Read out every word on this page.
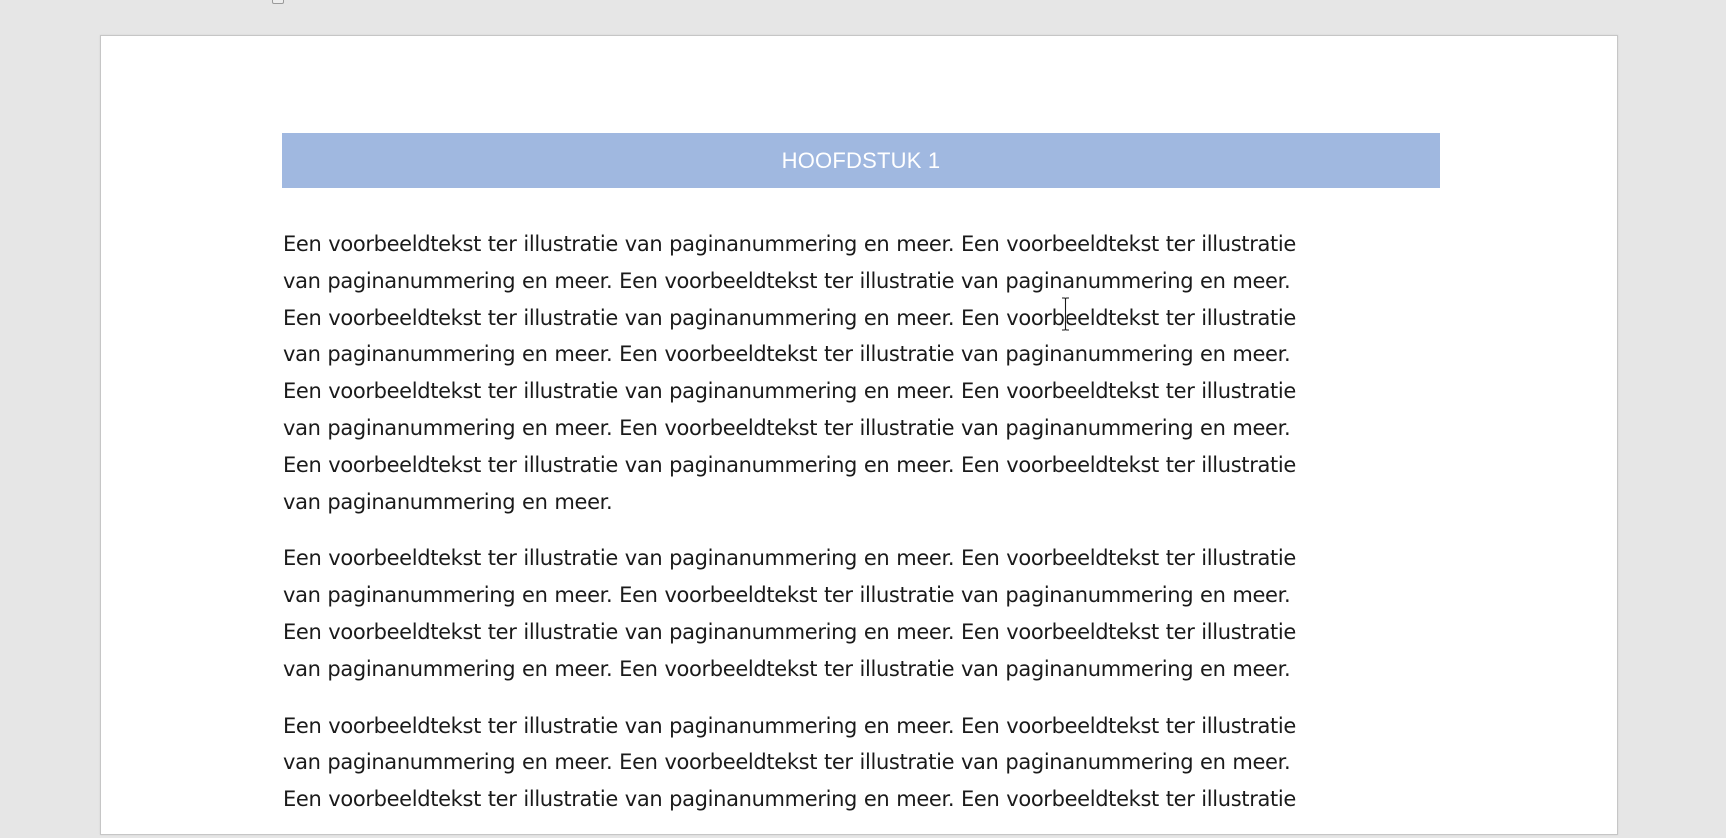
HOOFDSTUK 1
Een voorbeeldtekst ter illustratie van paginanummering en meer. Een voorbeeldtekst ter illustratie
van paginanummering en meer. Een voorbeeldtekst ter illustratie van paginanummering en meer.
Een voorbeeldtekst ter illustratie van paginanummering en meer. Een voorbeeldtekst ter illustratie
van paginanummering en meer. Een voorbeeldtekst ter illustratie van paginanummering en meer.
Een voorbeeldtekst ter illustratie van paginanummering en meer. Een voorbeeldtekst ter illustratie
van paginanummering en meer. Een voorbeeldtekst ter illustratie van paginanummering en meer.
Een voorbeeldtekst ter illustratie van paginanummering en meer. Een voorbeeldtekst ter illustratie
van paginanummering en meer.
Een voorbeeldtekst ter illustratie van paginanummering en meer. Een voorbeeldtekst ter illustratie
van paginanummering en meer. Een voorbeeldtekst ter illustratie van paginanummering en meer.
Een voorbeeldtekst ter illustratie van paginanummering en meer. Een voorbeeldtekst ter illustratie
van paginanummering en meer. Een voorbeeldtekst ter illustratie van paginanummering en meer.
Een voorbeeldtekst ter illustratie van paginanummering en meer. Een voorbeeldtekst ter illustratie
van paginanummering en meer. Een voorbeeldtekst ter illustratie van paginanummering en meer.
Een voorbeeldtekst ter illustratie van paginanummering en meer. Een voorbeeldtekst ter illustratie
